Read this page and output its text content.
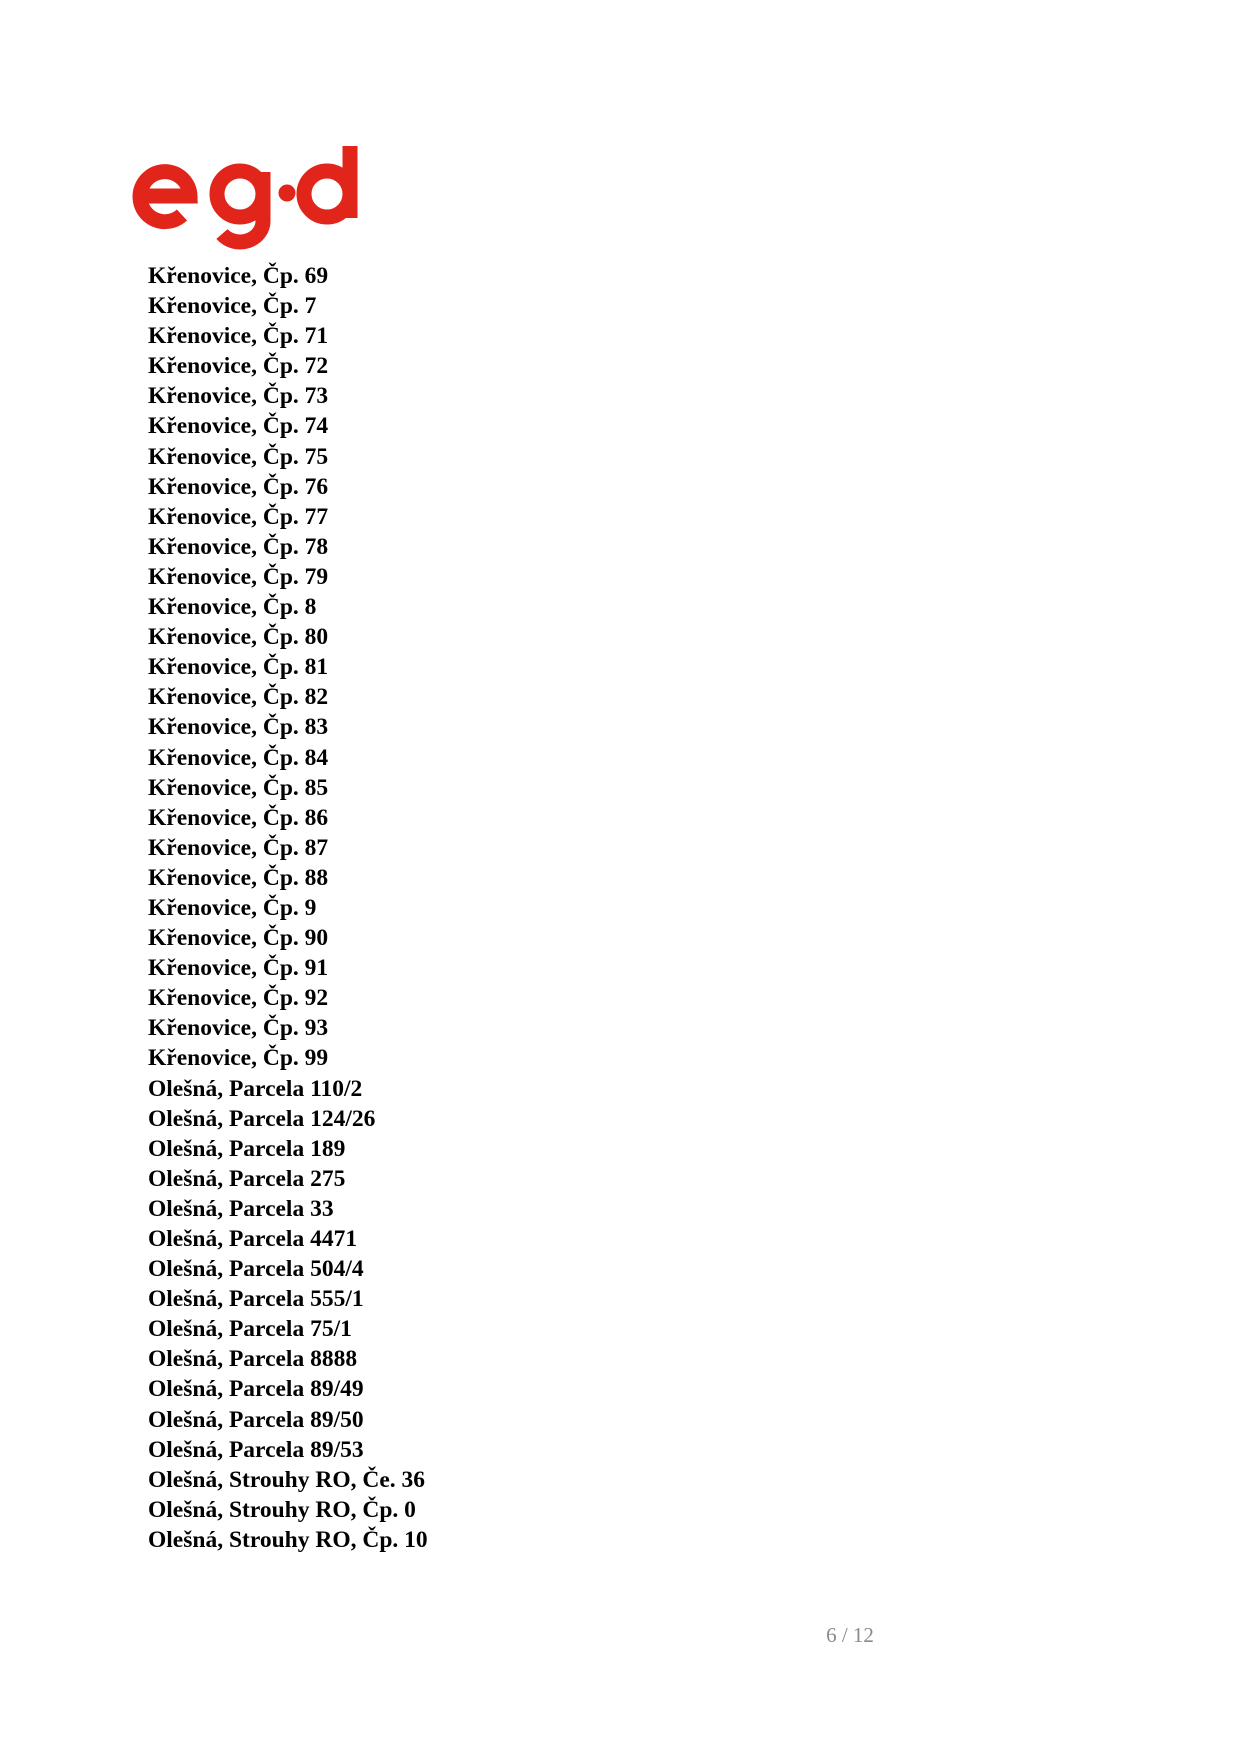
Křenovice, Čp. 69
Křenovice, Čp. 7
Křenovice, Čp. 71
Křenovice, Čp. 72
Křenovice, Čp. 73
Křenovice, Čp. 74
Křenovice, Čp. 75
Křenovice, Čp. 76
Křenovice, Čp. 77
Křenovice, Čp. 78
Křenovice, Čp. 79
Křenovice, Čp. 8
Křenovice, Čp. 80
Křenovice, Čp. 81
Křenovice, Čp. 82
Křenovice, Čp. 83
Křenovice, Čp. 84
Křenovice, Čp. 85
Křenovice, Čp. 86
Křenovice, Čp. 87
Křenovice, Čp. 88
Křenovice, Čp. 9
Křenovice, Čp. 90
Křenovice, Čp. 91
Křenovice, Čp. 92
Křenovice, Čp. 93
Křenovice, Čp. 99
Olešná, Parcela 110/2
Olešná, Parcela 124/26
Olešná, Parcela 189
Olešná, Parcela 275
Olešná, Parcela 33
Olešná, Parcela 4471
Olešná, Parcela 504/4
Olešná, Parcela 555/1
Olešná, Parcela 75/1
Olešná, Parcela 8888
Olešná, Parcela 89/49
Olešná, Parcela 89/50
Olešná, Parcela 89/53
Olešná, Strouhy RO, Če. 36
Olešná, Strouhy RO, Čp. 0
Olešná, Strouhy RO, Čp. 10
6 / 12
